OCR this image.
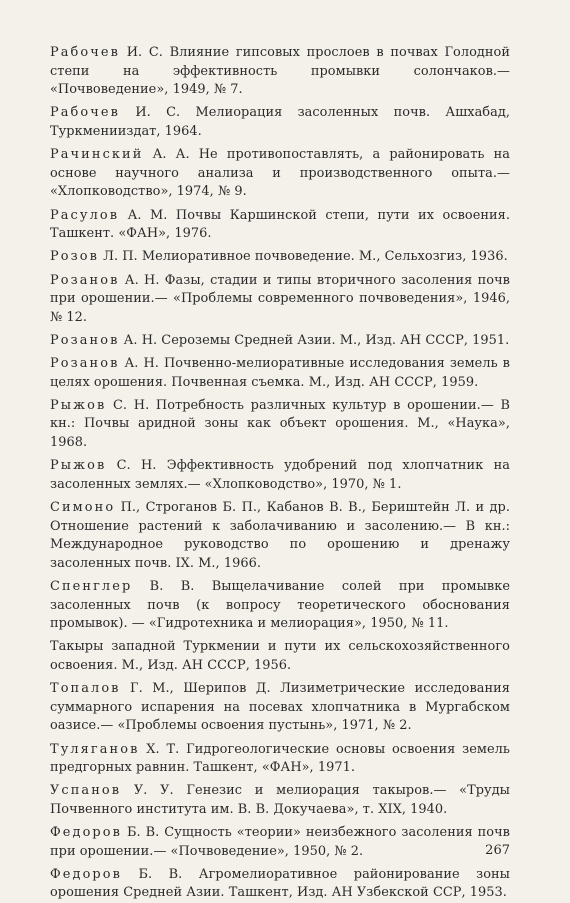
Рабочев И. С. Влияние гипсовых прослоев в почвах Голодной степи на эффективность промывки солончаков.— «Почвоведение», 1949, № 7.

Рабочев И. С. Мелиорация засоленных почв. Ашхабад, Туркменииздат, 1964.

Рачинский А. А. Не противопоставлять, а районировать на основе научного анализа и производственного опыта.— «Хлопководство», 1974, № 9.

Расулов А. М. Почвы Каршинской степи, пути их освоения. Ташкент. «ФАН», 1976.

Розов Л. П. Мелиоративное почвоведение. М., Сельхозгиз, 1936.

Розанов А. Н. Фазы, стадии и типы вторичного засоления почв при орошении.— «Проблемы современного почвоведения», 1946, № 12.

Розанов А. Н. Сероземы Средней Азии. М., Изд. АН СССР, 1951.

Розанов А. Н. Почвенно-мелиоративные исследования земель в целях орошения. Почвенная съемка. М., Изд. АН СССР, 1959.

Рыжов С. Н. Потребность различных культур в орошении.— В кн.: Почвы аридной зоны как объект орошения. М., «Наука», 1968.

Рыжов С. Н. Эффективность удобрений под хлопчатник на засоленных землях.— «Хлопководство», 1970, № 1.

Симоно П., Строганов Б. П., Кабанов В. В., Бериштейн Л. и др. Отношение растений к заболачиванию и засолению.— В кн.: Международное руководство по орошению и дренажу засоленных почв. IX. М., 1966.

Спенглер В. В. Выщелачивание солей при промывке засоленных почв (к вопросу теоретического обоснования промывок). — «Гидротехника и мелиорация», 1950, № 11.

Такыры западной Туркмении и пути их сельскохозяйственного освоения. М., Изд. АН СССР, 1956.

Топалов Г. М., Шерипов Д. Лизиметрические исследования суммарного испарения на посевах хлопчатника в Мургабском оазисе.— «Проблемы освоения пустынь», 1971, № 2.

Туляганов Х. Т. Гидрогеологические основы освоения земель предгорных равнин. Ташкент, «ФАН», 1971.

Успанов У. У. Генезис и мелиорация такыров.— «Труды Почвенного института им. В. В. Докучаева», т. XIX, 1940.

Федоров Б. В. Сущность «теории» неизбежного засоления почв при орошении.— «Почвоведение», 1950, № 2.

Федоров Б. В. Агромелиоративное районирование зоны орошения Средней Азии. Ташкент, Изд. АН Узбекской ССР, 1953.

267
